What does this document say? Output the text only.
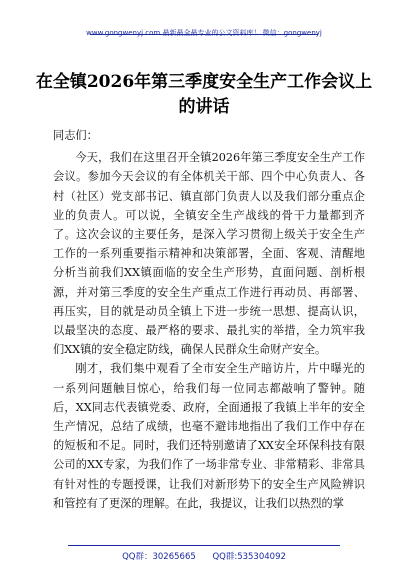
www.gongwenyj.com 最新最全最专业的公文资料库！ 微信：gongwenyj
在全镇2026年第三季度安全生产工作会议上的讲话

同志们：

今天，我们在这里召开全镇2026年第三季度安全生产工作会议。参加今天会议的有全体机关干部、四个中心负责人、各村（社区）党支部书记、镇直部门负责人以及我们部分重点企业的负责人。可以说，全镇安全生产战线的骨干力量都到齐了。这次会议的主要任务，是深入学习贯彻上级关于安全生产工作的一系列重要指示精神和决策部署，全面、客观、清醒地分析当前我们XX镇面临的安全生产形势，直面问题、剖析根源，并对第三季度的安全生产重点工作进行再动员、再部署、再压实，目的就是动员全镇上下进一步统一思想、提高认识，以最坚决的态度、最严格的要求、最扎实的举措，全力筑牢我们XX镇的安全稳定防线，确保人民群众生命财产安全。

刚才，我们集中观看了全市安全生产暗访片，片中曝光的一系列问题触目惊心，给我们每一位同志都敲响了警钟。随后，XX同志代表镇党委、政府，全面通报了我镇上半年的安全生产情况，总结了成绩，也毫不避讳地指出了我们工作中存在的短板和不足。同时，我们还特别邀请了XX安全环保科技有限公司的XX专家，为我们作了一场非常专业、非常精彩、非常具有针对性的专题授课，让我们对新形势下的安全生产风险辨识和管控有了更深的理解。在此，我提议，让我们以热烈的掌

QQ群：30265665 QQ群:535304092
